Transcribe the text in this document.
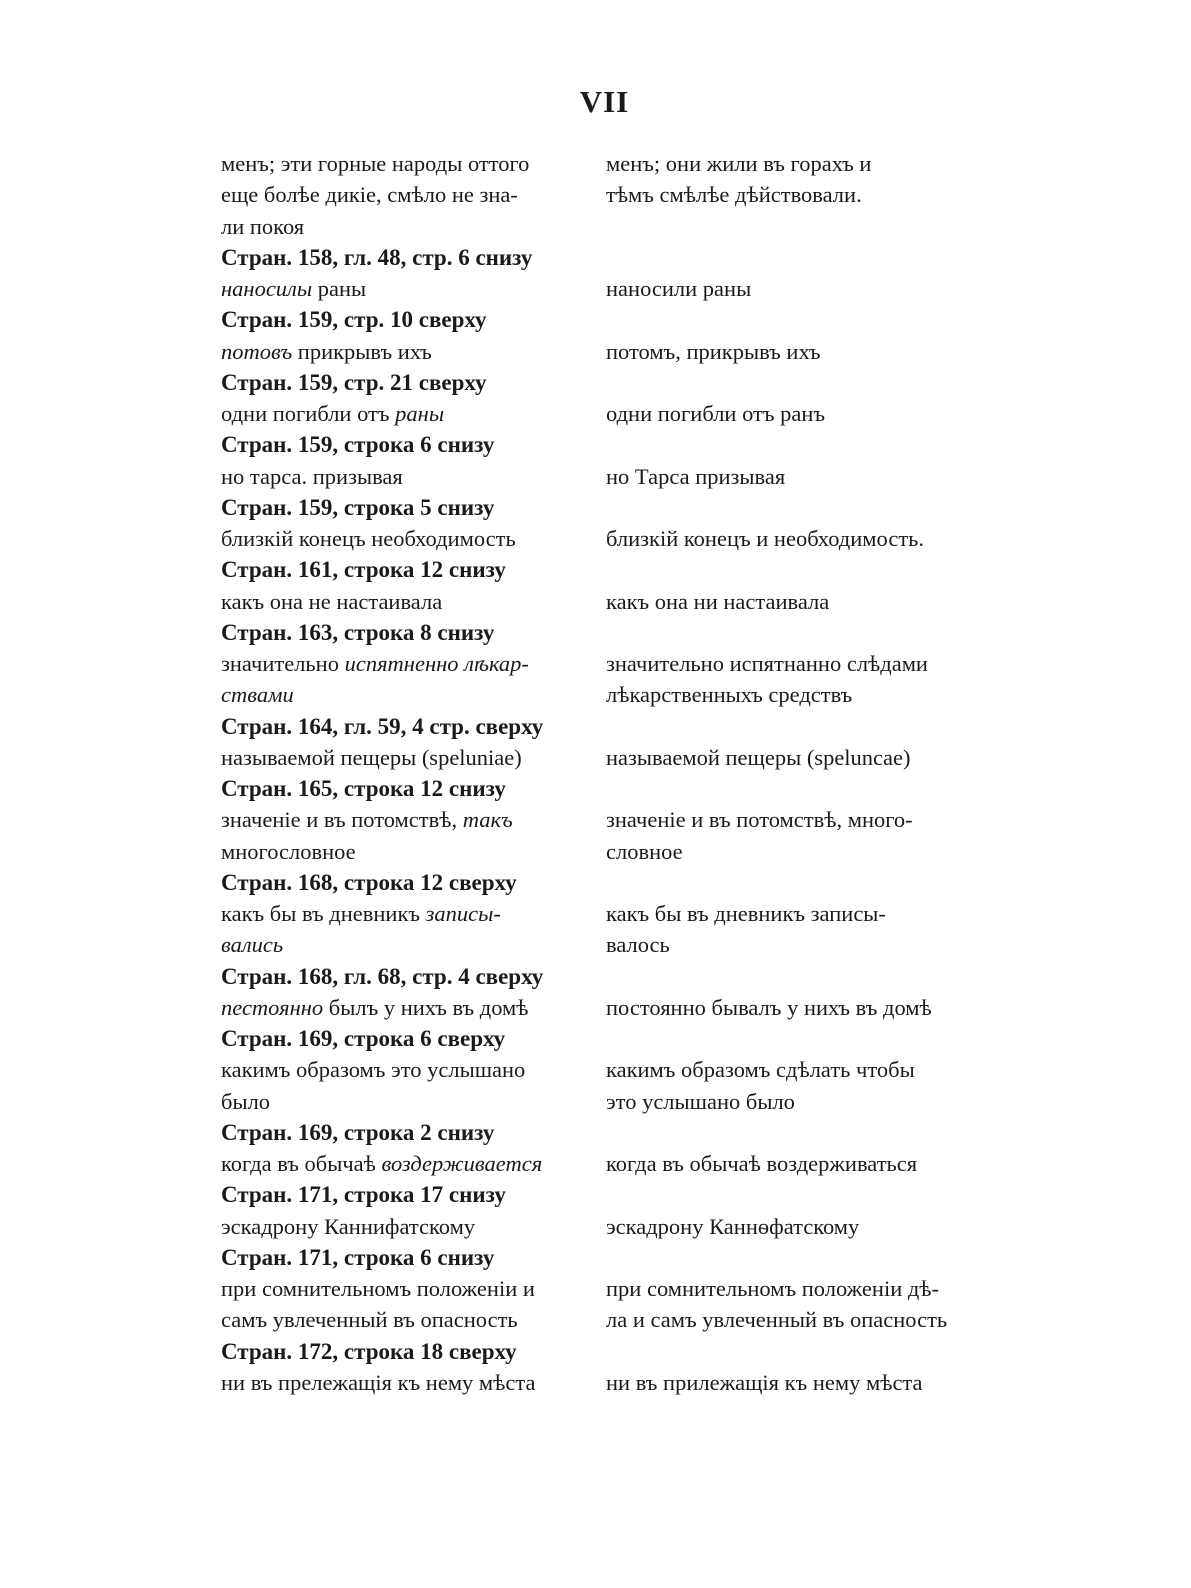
VII
менъ; эти горные народы оттого	менъ; они жили въ горахъ и
еще болѣе дикіе, смѣло не зна-	тѣмъ смѣлѣе дѣйствовали.
ли покоя
Стран. 158, гл. 48, стр. 6 снизу
наносилы раны	наносили раны
Стран. 159, стр. 10 сверху
потовъ прикрывъ ихъ	потомъ, прикрывъ ихъ
Стран. 159, стр. 21 сверху
одни погибли отъ раны	одни погибли отъ ранъ
Стран. 159, строка 6 снизу
но тарса. призывая	но Тарса призывая
Стран. 159, строка 5 снизу
близкій конецъ необходимость	близкій конецъ и необходимость.
Стран. 161, строка 12 снизу
какъ она не настаивала	какъ она ни настаивала
Стран. 163, строка 8 снизу
значительно испятненно лѣкар-	значительно испятнанно слѣдами
ствами	лѣкарственныхъ средствъ
Стран. 164, гл. 59, 4 стр. сверху
называемой пещеры (speluniae)	называемой пещеры (speluncae)
Стран. 165, строка 12 снизу
значеніе и въ потомствѣ, такъ	значеніе и въ потомствѣ, много-
многословное	словное
Стран. 168, строка 12 сверху
какъ бы въ дневникъ записы-	какъ бы въ дневникъ записы-
вались	валось
Стран. 168, гл. 68, стр. 4 сверху
пестоянно былъ у нихъ въ домѣ	постоянно бывалъ у нихъ въ домѣ
Стран. 169, строка 6 сверху
какимъ образомъ это услышано	какимъ образомъ сдѣлать чтобы
было	это услышано было
Стран. 169, строка 2 снизу
когда въ обычаѣ воздерживается	когда въ обычаѣ воздерживаться
Стран. 171, строка 17 снизу
эскадрону Каннифатскому	эскадрону Каннѳфатскому
Стран. 171, строка 6 снизу
при сомнительномъ положеніи и	при сомнительномъ положеніи дѣ-
самъ увлеченный въ опасность	ла и самъ увлеченный въ опасность
Стран. 172, строка 18 сверху
ни въ прележащія къ нему мѣста	ни въ прилежащія къ нему мѣста
